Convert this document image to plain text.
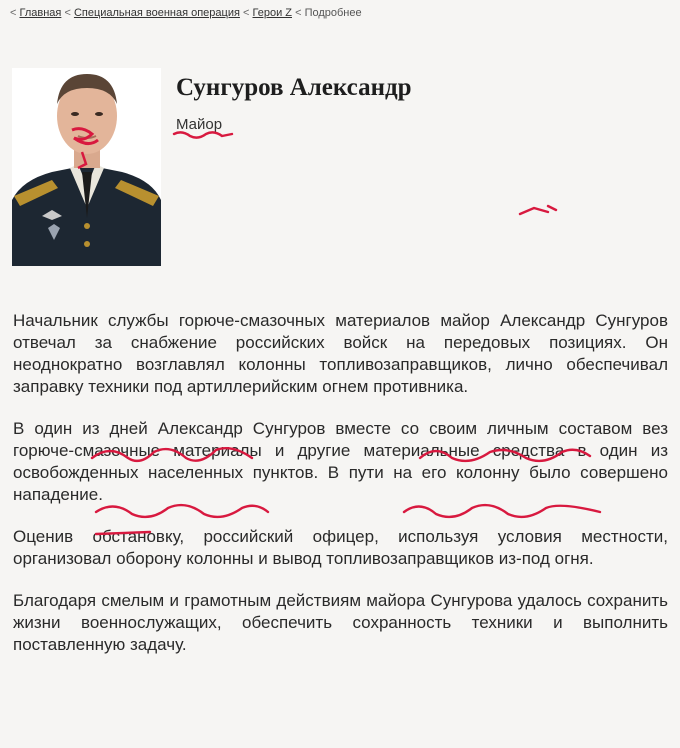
< Главная < Специальная военная операция < Герои Z < Подробнее
Сунгуров Александр
Майор

Начальник службы горюче-смазочных материалов майор Александр Сунгуров отвечал за снабжение российских войск на передовых позициях. Он неоднократно возглавлял колонны топливозаправщиков, лично обеспечивал заправку техники под артиллерийским огнем противника.

В один из дней Александр Сунгуров вместе со своим личным составом вез горюче-смазочные материалы и другие материальные средства в один из освобожденных населенных пунктов. В пути на его колонну было совершено нападение.

Оценив обстановку, российский офицер, используя условия местности, организовал оборону колонны и вывод топливозаправщиков из-под огня.

Благодаря смелым и грамотным действиям майора Сунгурова удалось сохранить жизни военнослужащих, обеспечить сохранность техники и выполнить поставленную задачу.
